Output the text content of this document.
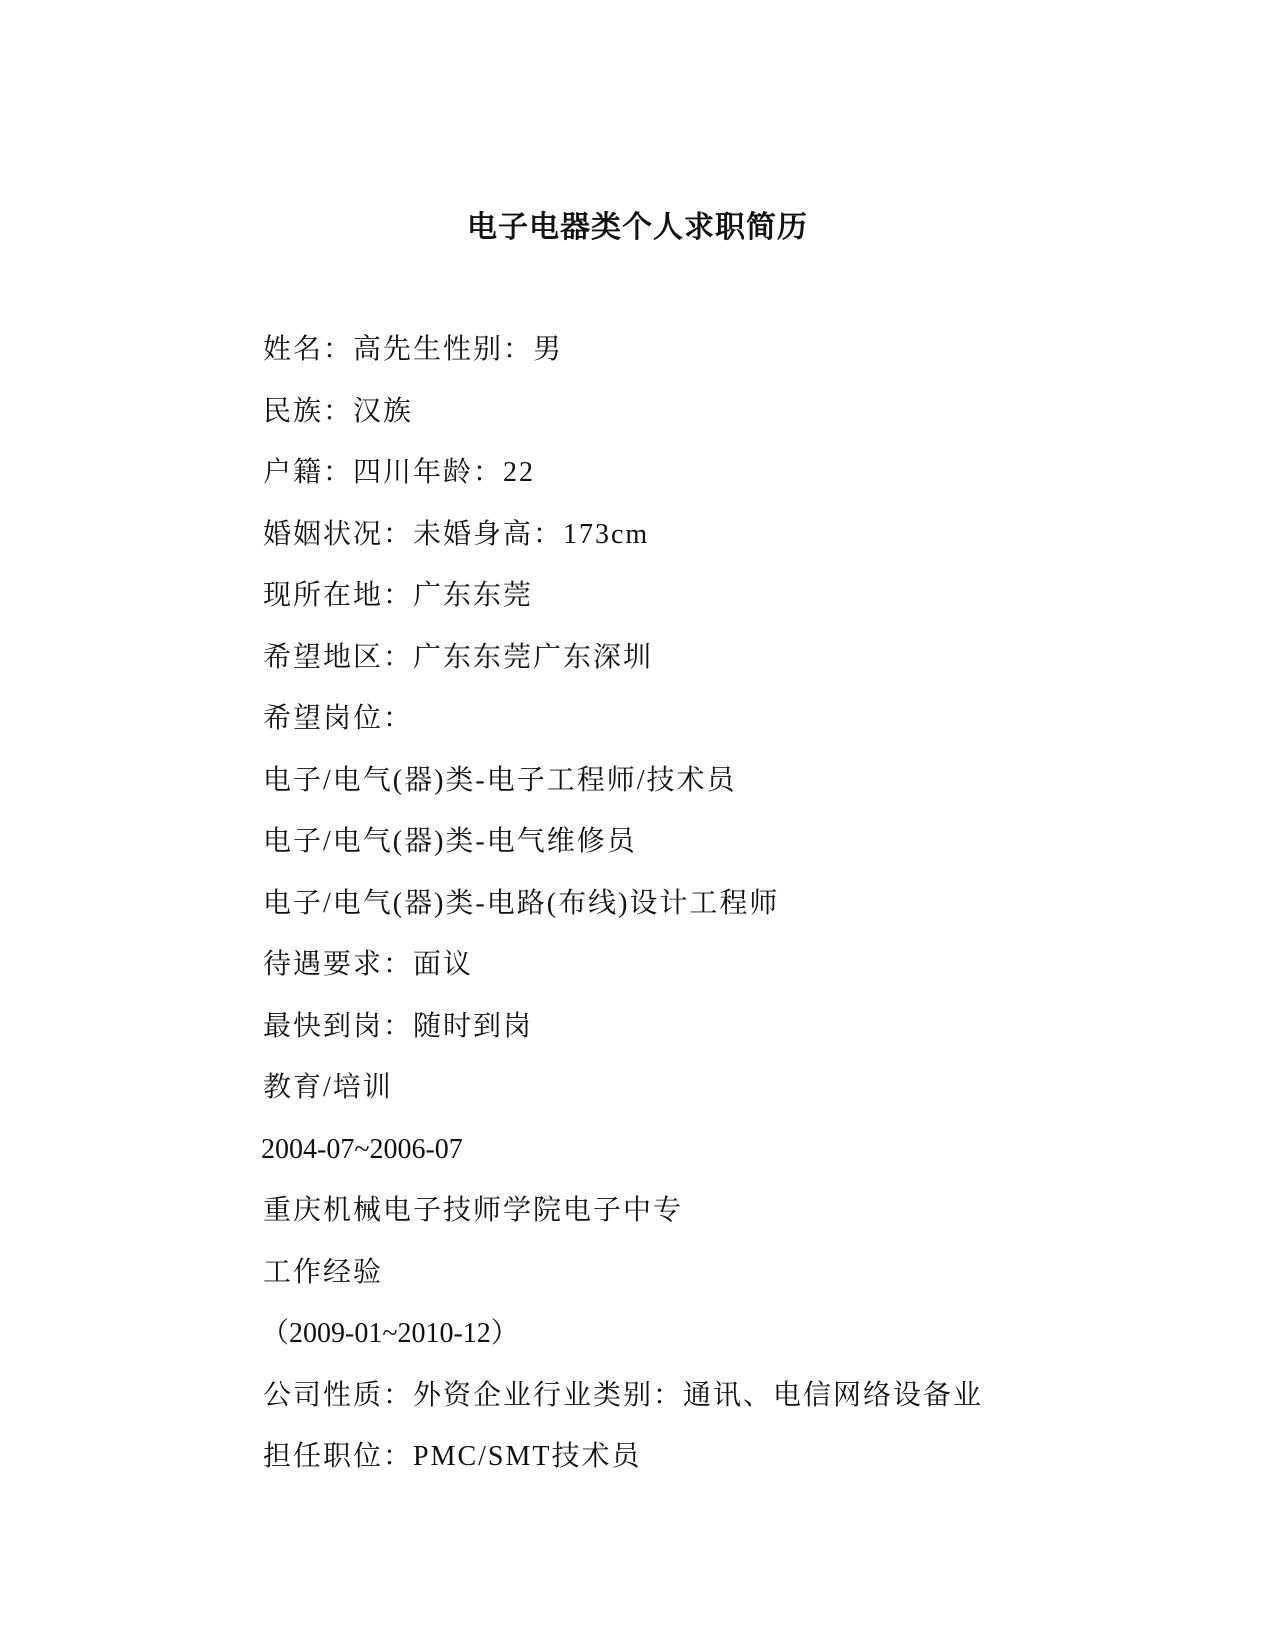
电子电器类个人求职简历
姓名：高先生性别：男
民族：汉族
户籍：四川年龄：22
婚姻状况：未婚身高：173cm
现所在地：广东东莞
希望地区：广东东莞广东深圳
希望岗位：
电子/电气(器)类-电子工程师/技术员
电子/电气(器)类-电气维修员
电子/电气(器)类-电路(布线)设计工程师
待遇要求：面议
最快到岗：随时到岗
教育/培训
2004-07~2006-07
重庆机械电子技师学院电子中专
工作经验
（2009-01~2010-12）
公司性质：外资企业行业类别：通讯、电信网络设备业
担任职位：PMC/SMT技术员
